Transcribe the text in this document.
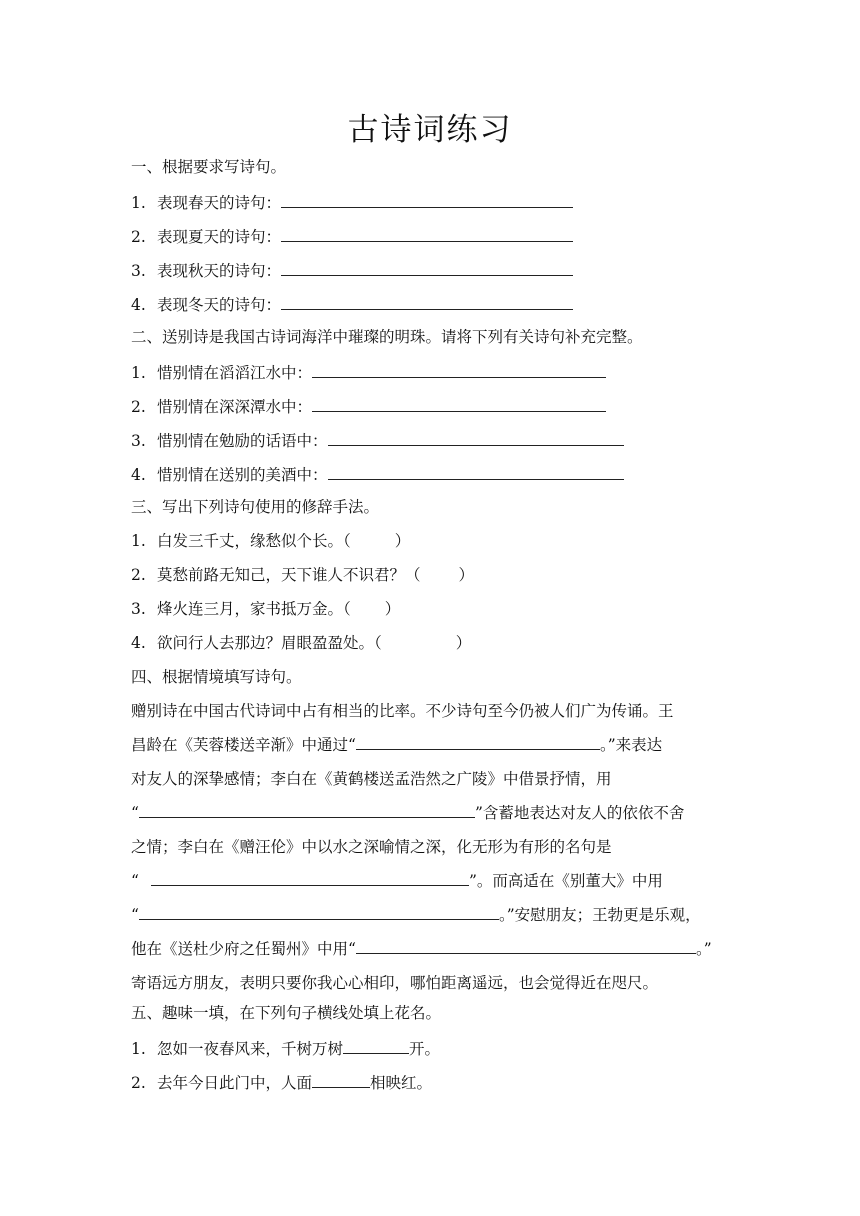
古诗词练习
一、根据要求写诗句。
1. 表现春天的诗句：
2. 表现夏天的诗句：
3. 表现秋天的诗句：
4. 表现冬天的诗句：
二、送别诗是我国古诗词海洋中璀璨的明珠。请将下列有关诗句补充完整。
1. 惜别情在滔滔江水中：
2. 惜别情在深深潭水中：
3. 惜别情在勉励的话语中：
4. 惜别情在送别的美酒中：
三、写出下列诗句使用的修辞手法。
1. 白发三千丈，缘愁似个长。（	）
2. 莫愁前路无知己，天下谁人不识君？（ ）
3. 烽火连三月，家书抵万金。（ ）
4. 欲问行人去那边？眉眼盈盈处。（	）
四、根据情境填写诗句。
赠别诗在中国古代诗词中占有相当的比率。不少诗句至今仍被人们广为传诵。王
昌龄在《芙蓉楼送辛渐》中通过“	。”来表达
对友人的深挚感情；李白在《黄鹤楼送孟浩然之广陵》中借景抒情，用
“	”含蓄地表达对友人的依依不舍
之情；李白在《赠汪伦》中以水之深喻情之深，化无形为有形的名句是
“	”。而高适在《别董大》中用
“	。”安慰朋友；王勃更是乐观，
他在《送杜少府之任蜀州》中用“	。”
寄语远方朋友，表明只要你我心心相印，哪怕距离遥远，也会觉得近在咫尺。
五、趣味一填，在下列句子横线处填上花名。
1. 忽如一夜春风来，千树万树	开。
2. 去年今日此门中，人面	相映红。
